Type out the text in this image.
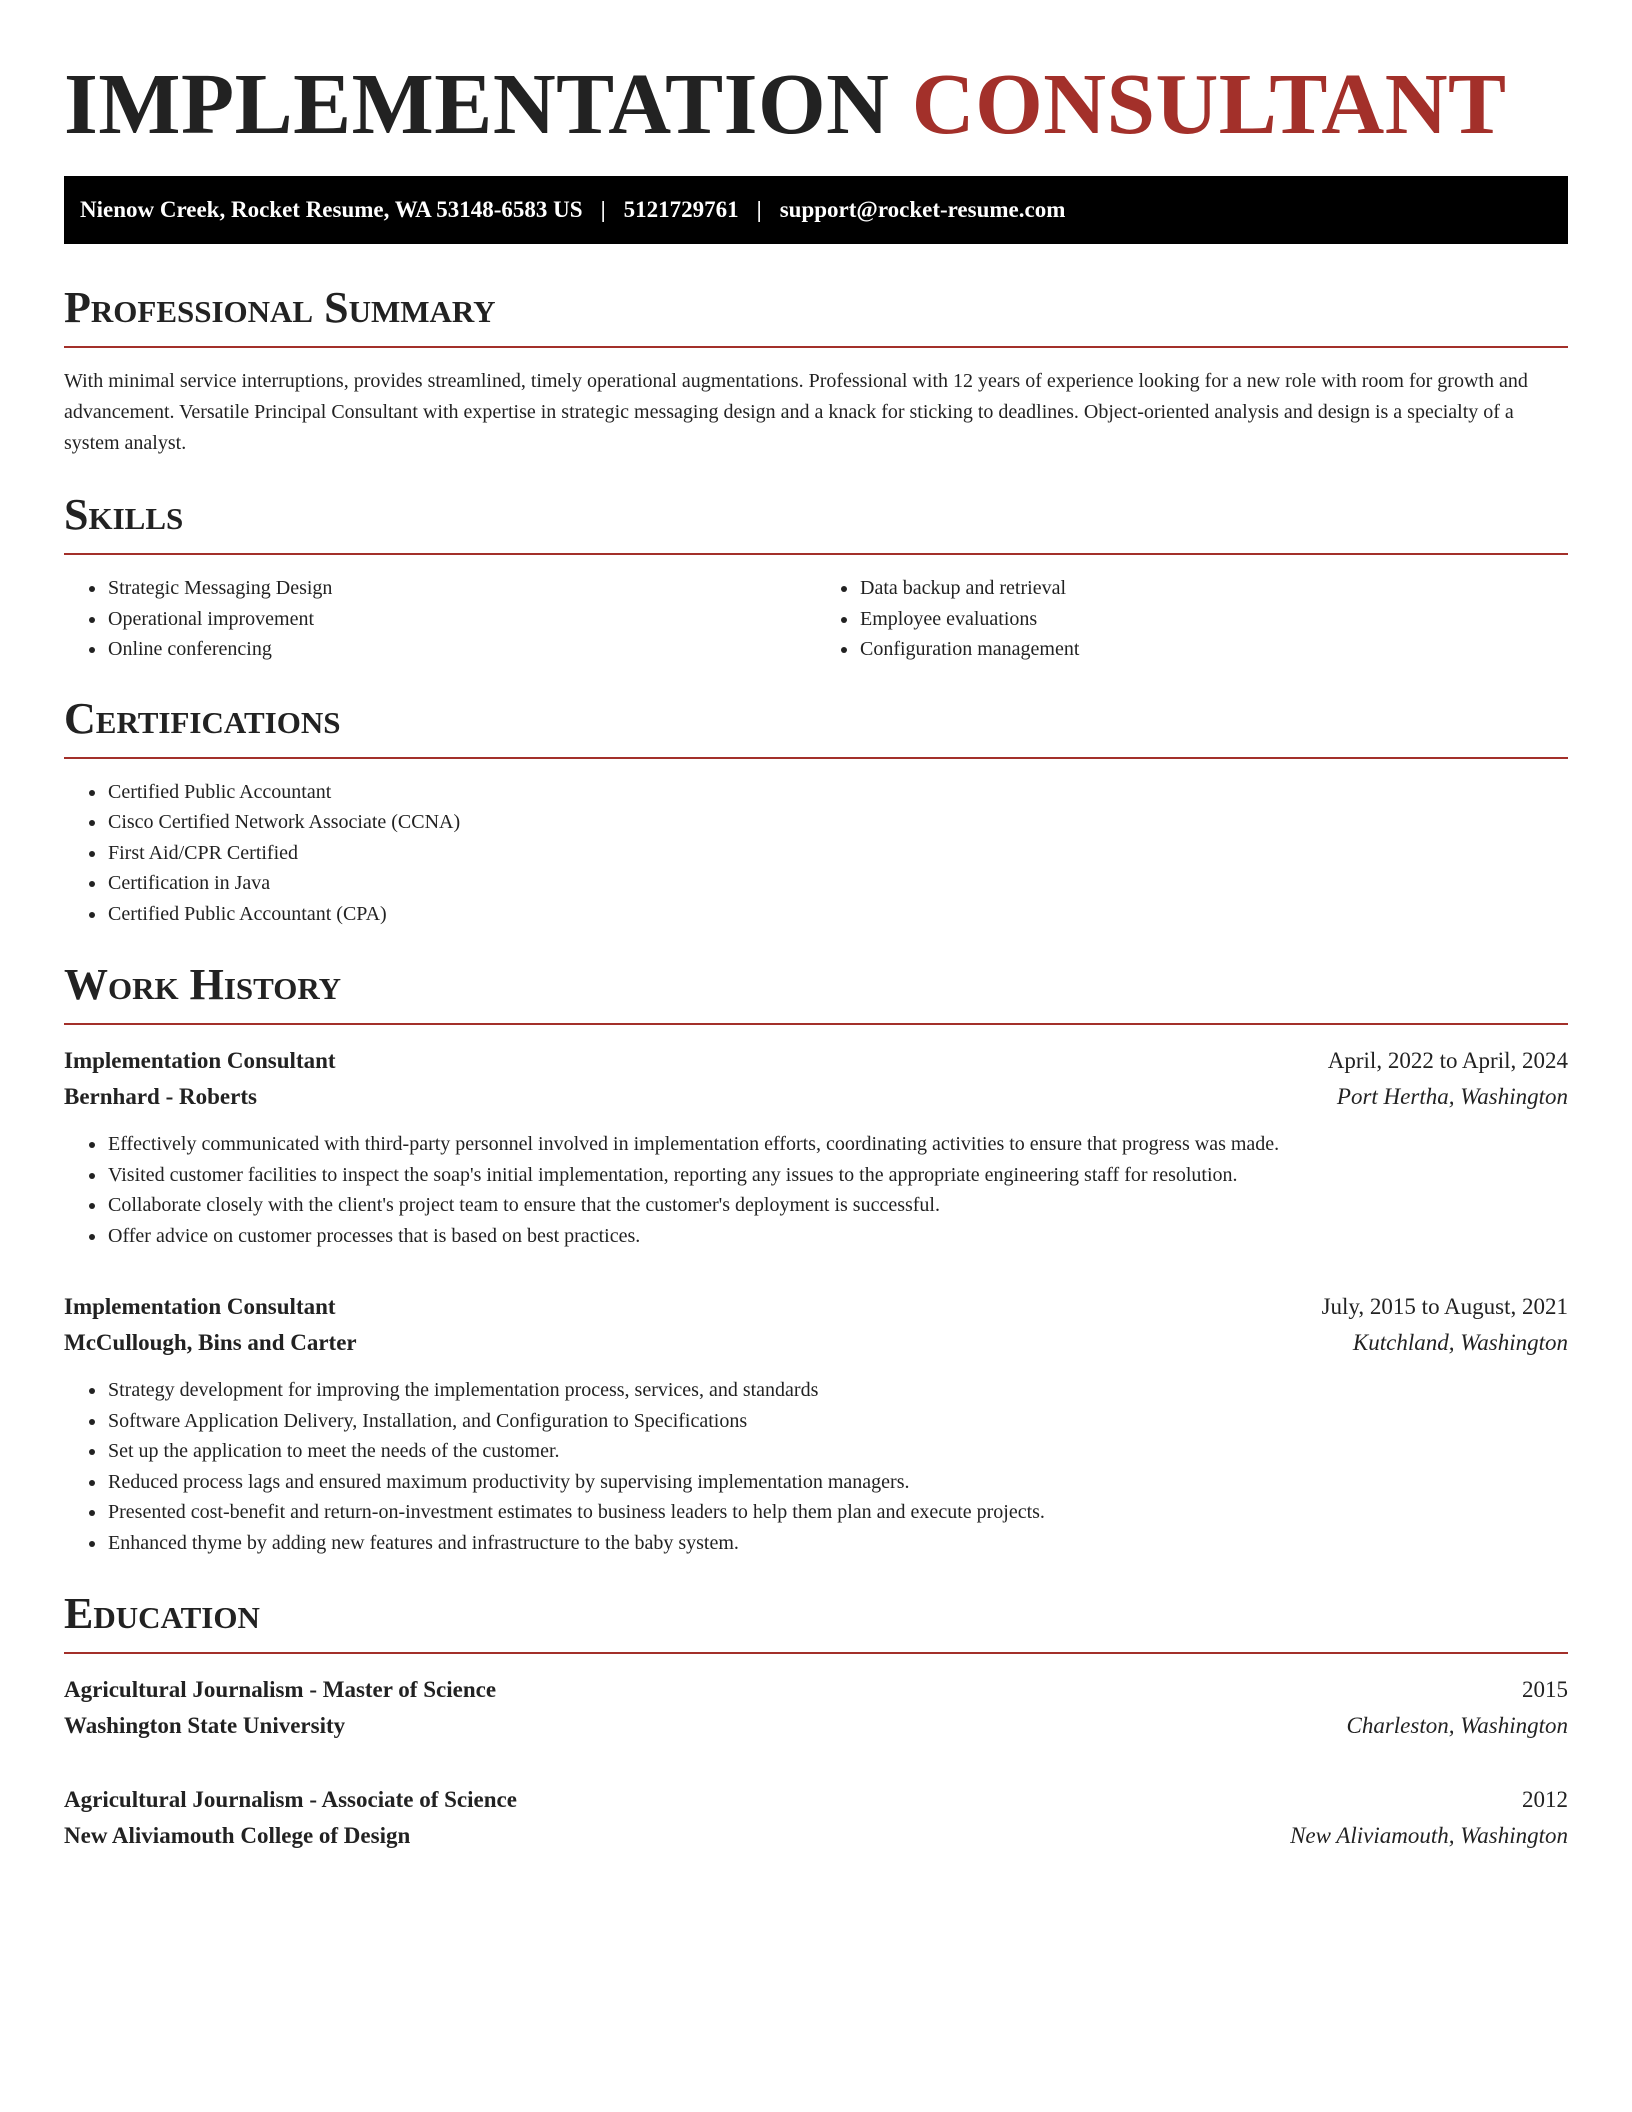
IMPLEMENTATION CONSULTANT
Nienow Creek, Rocket Resume, WA 53148-6583 US | 5121729761 | support@rocket-resume.com
Professional Summary

With minimal service interruptions, provides streamlined, timely operational augmentations. Professional with 12 years of experience looking for a new role with room for growth and advancement. Versatile Principal Consultant with expertise in strategic messaging design and a knack for sticking to deadlines. Object-oriented analysis and design is a specialty of a system analyst.

Skills
• Strategic Messaging Design
• Operational improvement
• Online conferencing
• Data backup and retrieval
• Employee evaluations
• Configuration management
Certifications
• Certified Public Accountant
• Cisco Certified Network Associate (CCNA)
• First Aid/CPR Certified
• Certification in Java
• Certified Public Accountant (CPA)
Work History
Implementation Consultant	April, 2022 to April, 2024
Bernhard - Roberts	Port Hertha, Washington
• Effectively communicated with third-party personnel involved in implementation efforts, coordinating activities to ensure that progress was made.
• Visited customer facilities to inspect the soap's initial implementation, reporting any issues to the appropriate engineering staff for resolution.
• Collaborate closely with the client's project team to ensure that the customer's deployment is successful.
• Offer advice on customer processes that is based on best practices.
Implementation Consultant	July, 2015 to August, 2021
McCullough, Bins and Carter	Kutchland, Washington
• Strategy development for improving the implementation process, services, and standards
• Software Application Delivery, Installation, and Configuration to Specifications
• Set up the application to meet the needs of the customer.
• Reduced process lags and ensured maximum productivity by supervising implementation managers.
• Presented cost-benefit and return-on-investment estimates to business leaders to help them plan and execute projects.
• Enhanced thyme by adding new features and infrastructure to the baby system.
Education
Agricultural Journalism - Master of Science	2015
Washington State University	Charleston, Washington
Agricultural Journalism - Associate of Science	2012
New Aliviamouth College of Design	New Aliviamouth, Washington
